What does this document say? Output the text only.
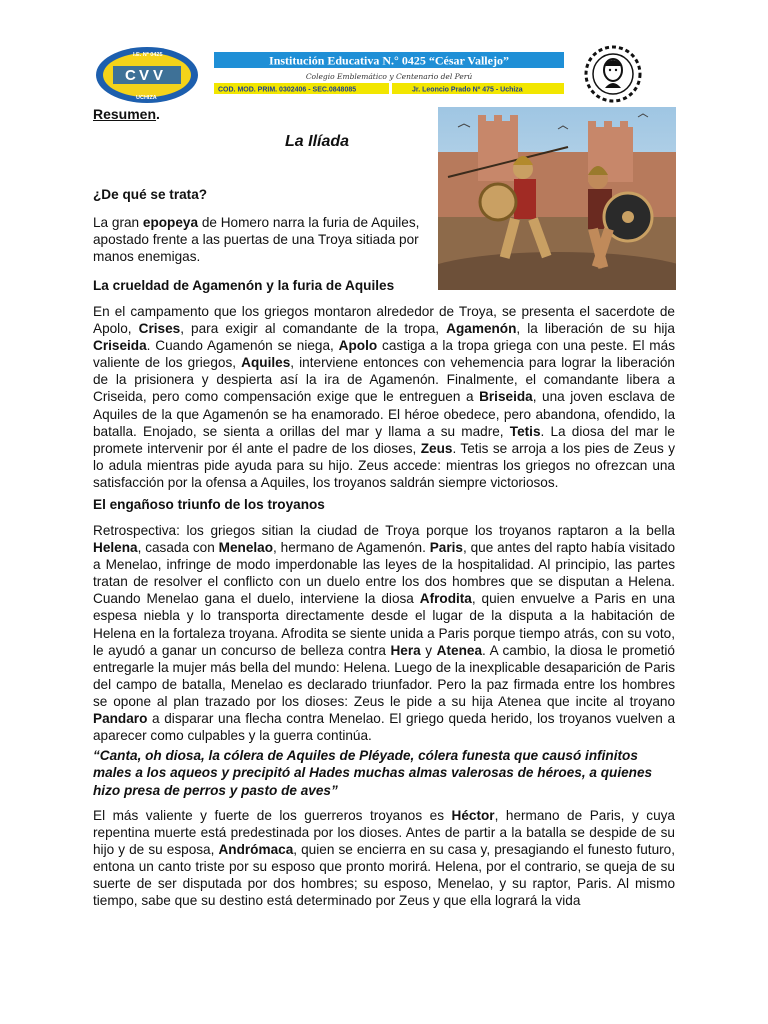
C V V
I.E. Nº 0425
UCHIZA
Institución Educativa N.° 0425 “César Vallejo”
Colegio Emblemático y Centenario del Perú
COD. MOD. PRIM. 0302406 - SEC.0848085	Jr. Leoncio Prado Nº 475 - Uchiza
Resumen.
La Ilíada
¿De qué se trata?
La gran epopeya de Homero narra la furia de Aquiles, apostado frente a las puertas de una Troya sitiada por manos enemigas.
La crueldad de Agamenón y la furia de Aquiles
En el campamento que los griegos montaron alrededor de Troya, se presenta el sacerdote de Apolo, Crises, para exigir al comandante de la tropa, Agamenón, la liberación de su hija Criseida. Cuando Agamenón se niega, Apolo castiga a la tropa griega con una peste. El más valiente de los griegos, Aquiles, interviene entonces con vehemencia para lograr la liberación de la prisionera y despierta así la ira de Agamenón. Finalmente, el comandante libera a Criseida, pero como compensación exige que le entreguen a Briseida, una joven esclava de Aquiles de la que Agamenón se ha enamorado. El héroe obedece, pero abandona, ofendido, la batalla. Enojado, se sienta a orillas del mar y llama a su madre, Tetis. La diosa del mar le promete intervenir por él ante el padre de los dioses, Zeus. Tetis se arroja a los pies de Zeus y lo adula mientras pide ayuda para su hijo. Zeus accede: mientras los griegos no ofrezcan una satisfacción por la ofensa a Aquiles, los troyanos saldrán siempre victoriosos.
El engañoso triunfo de los troyanos
Retrospectiva: los griegos sitian la ciudad de Troya porque los troyanos raptaron a la bella Helena, casada con Menelao, hermano de Agamenón. Paris, que antes del rapto había visitado a Menelao, infringe de modo imperdonable las leyes de la hospitalidad. Al principio, las partes tratan de resolver el conflicto con un duelo entre los dos hombres que se disputan a Helena. Cuando Menelao gana el duelo, interviene la diosa Afrodita, quien envuelve a Paris en una espesa niebla y lo transporta directamente desde el lugar de la disputa a la habitación de Helena en la fortaleza troyana. Afrodita se siente unida a Paris porque tiempo atrás, con su voto, le ayudó a ganar un concurso de belleza contra Hera y Atenea. A cambio, la diosa le prometió entregarle la mujer más bella del mundo: Helena. Luego de la inexplicable desaparición de Paris del campo de batalla, Menelao es declarado triunfador. Pero la paz firmada entre los hombres se opone al plan trazado por los dioses: Zeus le pide a su hija Atenea que incite al troyano Pandaro a disparar una flecha contra Menelao. El griego queda herido, los troyanos vuelven a aparecer como culpables y la guerra continúa.
“Canta, oh diosa, la cólera de Aquiles de Pléyade, cólera funesta que causó infinitos males a los aqueos y precipitó al Hades muchas almas valerosas de héroes, a quienes hizo presa de perros y pasto de aves”
El más valiente y fuerte de los guerreros troyanos es Héctor, hermano de Paris, y cuya repentina muerte está predestinada por los dioses. Antes de partir a la batalla se despide de su hijo y de su esposa, Andrómaca, quien se encierra en su casa y, presagiando el funesto futuro, entona un canto triste por su esposo que pronto morirá. Helena, por el contrario, se queja de su suerte de ser disputada por dos hombres; su esposo, Menelao, y su raptor, Paris. Al mismo tiempo, sabe que su destino está determinado por Zeus y que ella logrará la vida
